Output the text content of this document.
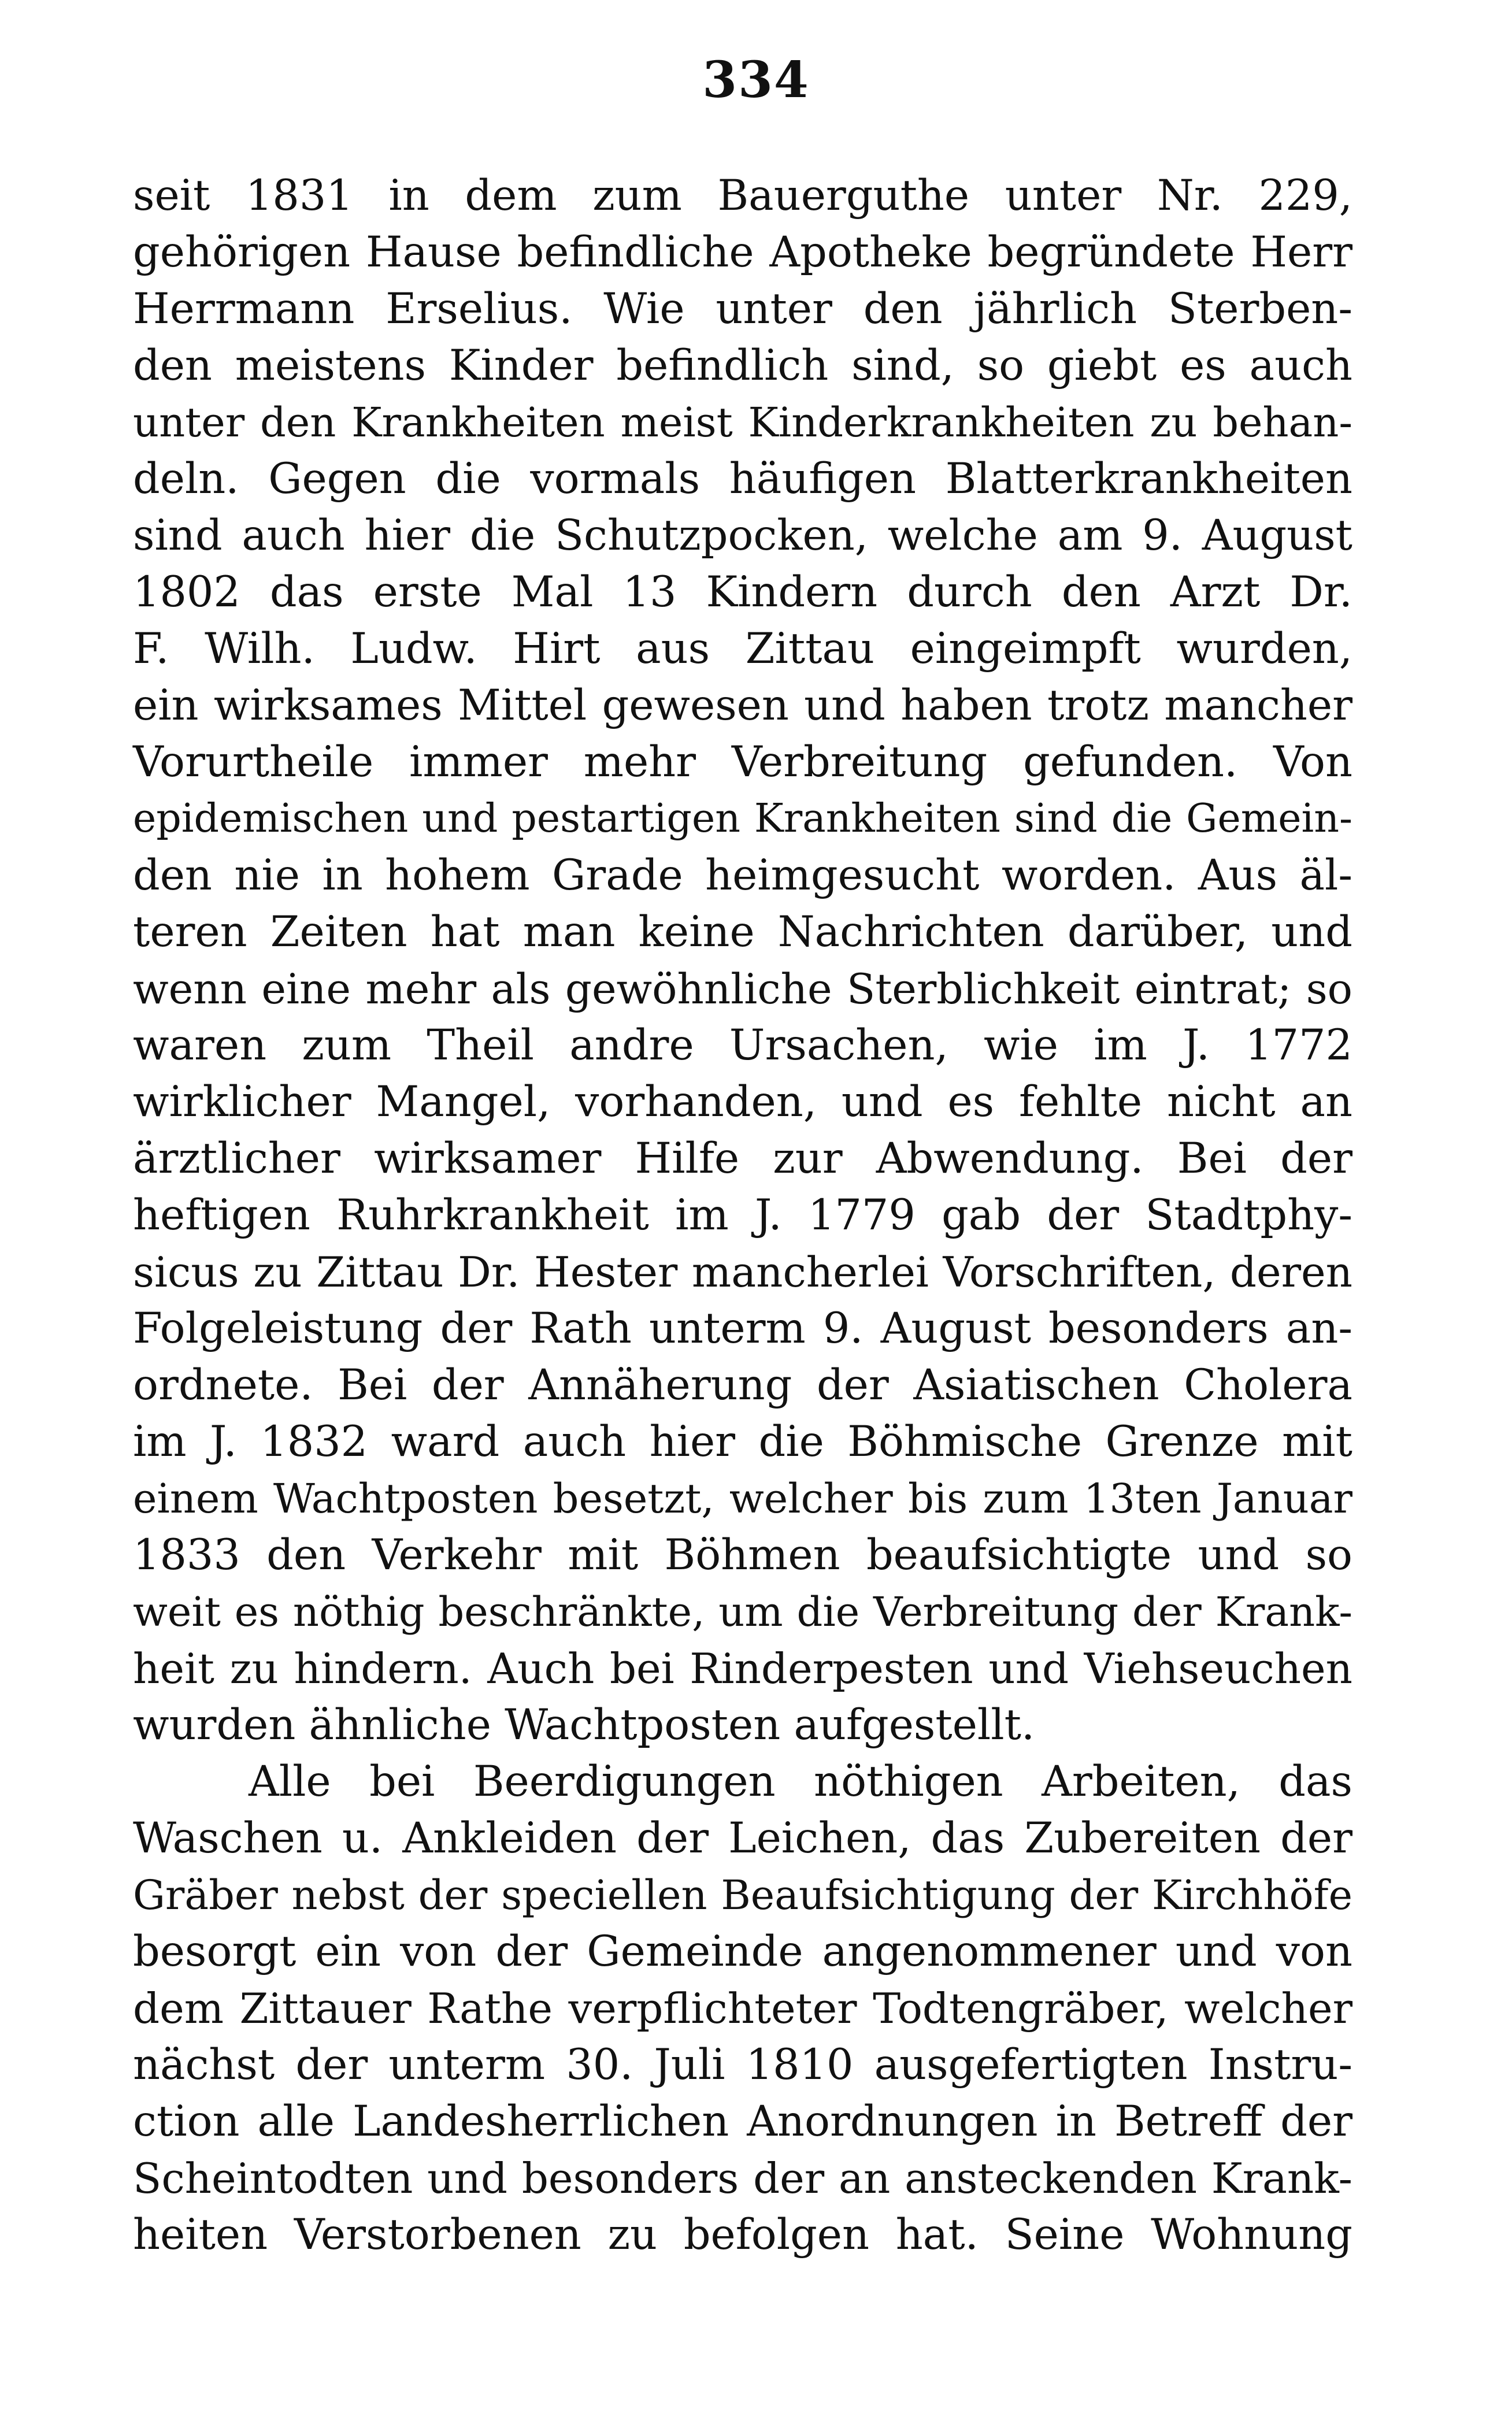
334
seit 1831 in dem zum Bauerguthe unter Nr. 229,
gehörigen Hause befindliche Apotheke begründete Herr
Herrmann Erselius. Wie unter den jährlich Sterben-
den meistens Kinder befindlich sind, so giebt es auch
unter den Krankheiten meist Kinderkrankheiten zu behan-
deln. Gegen die vormals häufigen Blatterkrankheiten
sind auch hier die Schutzpocken, welche am 9. August
1802 das erste Mal 13 Kindern durch den Arzt Dr.
F. Wilh. Ludw. Hirt aus Zittau eingeimpft wurden,
ein wirksames Mittel gewesen und haben trotz mancher
Vorurtheile immer mehr Verbreitung gefunden. Von
epidemischen und pestartigen Krankheiten sind die Gemein-
den nie in hohem Grade heimgesucht worden. Aus äl-
teren Zeiten hat man keine Nachrichten darüber, und
wenn eine mehr als gewöhnliche Sterblichkeit eintrat; so
waren zum Theil andre Ursachen, wie im J. 1772
wirklicher Mangel, vorhanden, und es fehlte nicht an
ärztlicher wirksamer Hilfe zur Abwendung. Bei der
heftigen Ruhrkrankheit im J. 1779 gab der Stadtphy-
sicus zu Zittau Dr. Hester mancherlei Vorschriften, deren
Folgeleistung der Rath unterm 9. August besonders an-
ordnete. Bei der Annäherung der Asiatischen Cholera
im J. 1832 ward auch hier die Böhmische Grenze mit
einem Wachtposten besetzt, welcher bis zum 13ten Januar
1833 den Verkehr mit Böhmen beaufsichtigte und so
weit es nöthig beschränkte, um die Verbreitung der Krank-
heit zu hindern. Auch bei Rinderpesten und Viehseuchen
wurden ähnliche Wachtposten aufgestellt.
Alle bei Beerdigungen nöthigen Arbeiten, das
Waschen u. Ankleiden der Leichen, das Zubereiten der
Gräber nebst der speciellen Beaufsichtigung der Kirchhöfe
besorgt ein von der Gemeinde angenommener und von
dem Zittauer Rathe verpflichteter Todtengräber, welcher
nächst der unterm 30. Juli 1810 ausgefertigten Instru-
ction alle Landesherrlichen Anordnungen in Betreff der
Scheintodten und besonders der an ansteckenden Krank-
heiten Verstorbenen zu befolgen hat. Seine Wohnung
